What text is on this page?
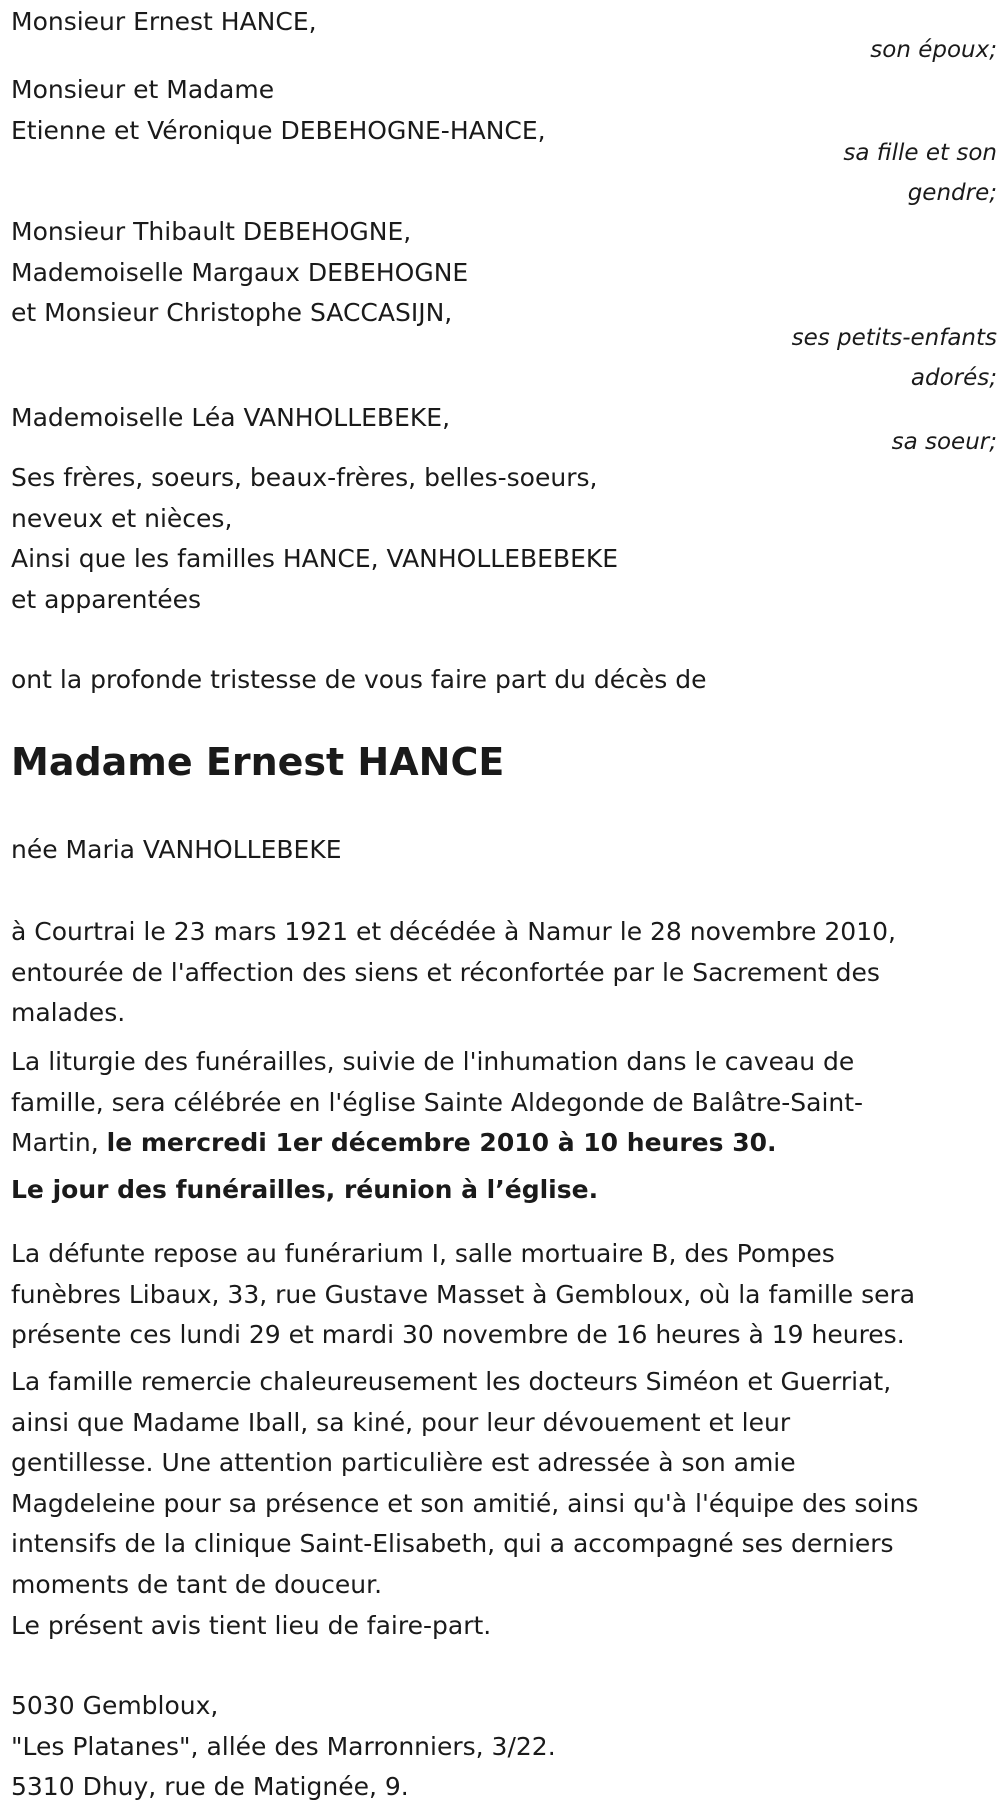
Monsieur Ernest HANCE,
son époux;
Monsieur et Madame
Etienne et Véronique DEBEHOGNE-HANCE,
sa fille et son
gendre;
Monsieur Thibault DEBEHOGNE,
Mademoiselle Margaux DEBEHOGNE
et Monsieur Christophe SACCASIJN,
ses petits-enfants
adorés;
Mademoiselle Léa VANHOLLEBEKE,
sa soeur;
Ses frères, soeurs, beaux-frères, belles-soeurs,
neveux et nièces,
Ainsi que les familles HANCE, VANHOLLEBEBEKE
et apparentées
ont la profonde tristesse de vous faire part du décès de
Madame Ernest HANCE
née Maria VANHOLLEBEKE
à Courtrai le 23 mars 1921 et décédée à Namur le 28 novembre 2010,
entourée de l'affection des siens et réconfortée par le Sacrement des
malades.
La liturgie des funérailles, suivie de l'inhumation dans le caveau de
famille, sera célébrée en l'église Sainte Aldegonde de Balâtre-Saint-
Martin, le mercredi 1er décembre 2010 à 10 heures 30.
Le jour des funérailles, réunion à l’église.
La défunte repose au funérarium I, salle mortuaire B, des Pompes
funèbres Libaux, 33, rue Gustave Masset à Gembloux, où la famille sera
présente ces lundi 29 et mardi 30 novembre de 16 heures à 19 heures.
La famille remercie chaleureusement les docteurs Siméon et Guerriat,
ainsi que Madame Iball, sa kiné, pour leur dévouement et leur
gentillesse. Une attention particulière est adressée à son amie
Magdeleine pour sa présence et son amitié, ainsi qu'à l'équipe des soins
intensifs de la clinique Saint-Elisabeth, qui a accompagné ses derniers
moments de tant de douceur.
Le présent avis tient lieu de faire-part.
5030 Gembloux,
"Les Platanes", allée des Marronniers, 3/22.
5310 Dhuy, rue de Matignée, 9.
